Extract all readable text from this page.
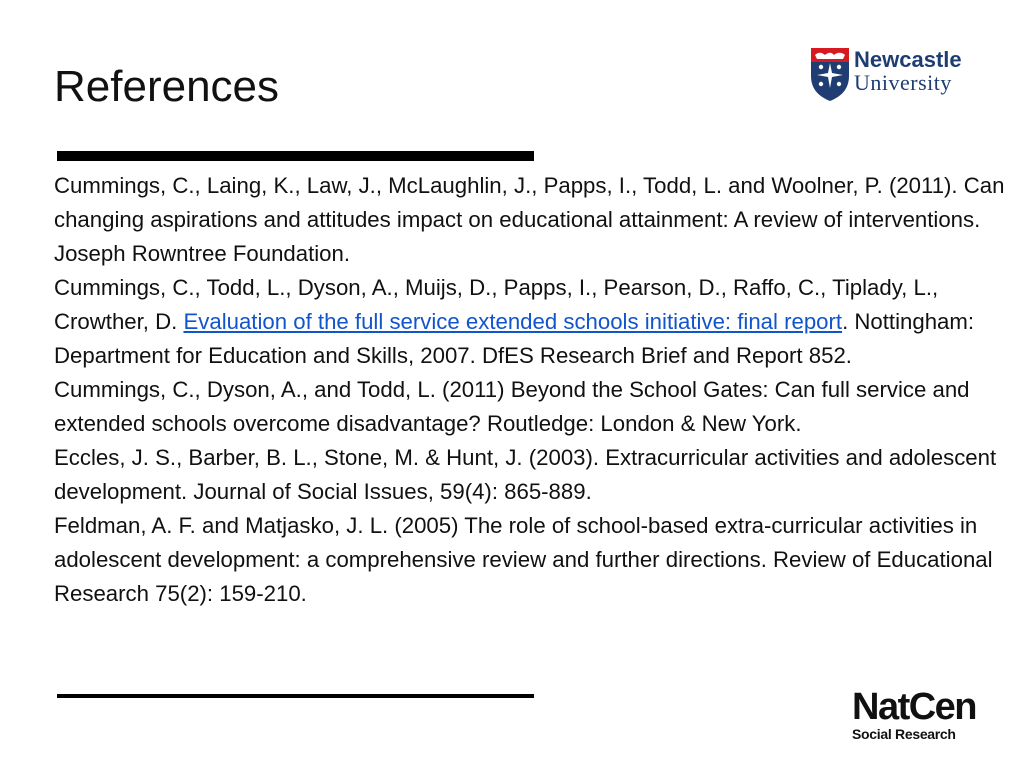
References
Newcastle
University

Cummings, C., Laing, K., Law, J., McLaughlin, J., Papps, I., Todd, L. and Woolner, P. (2011). Can changing aspirations and attitudes impact on educational attainment: A review of interventions. Joseph Rowntree Foundation.

Cummings, C., Todd, L., Dyson, A., Muijs, D., Papps, I., Pearson, D., Raffo, C., Tiplady, L., Crowther, D. Evaluation of the full service extended schools initiative: final report. Nottingham: Department for Education and Skills, 2007. DfES Research Brief and Report 852.

Cummings, C., Dyson, A., and Todd, L. (2011) Beyond the School Gates: Can full service and extended schools overcome disadvantage? Routledge: London & New York.

Eccles, J. S., Barber, B. L., Stone, M. & Hunt, J. (2003). Extracurricular activities and adolescent development. Journal of Social Issues, 59(4): 865-889.

Feldman, A. F. and Matjasko, J. L. (2005) The role of school-based extra-curricular activities in adolescent development: a comprehensive review and further directions. Review of Educational Research 75(2): 159-210.

NatCen
Social Research
